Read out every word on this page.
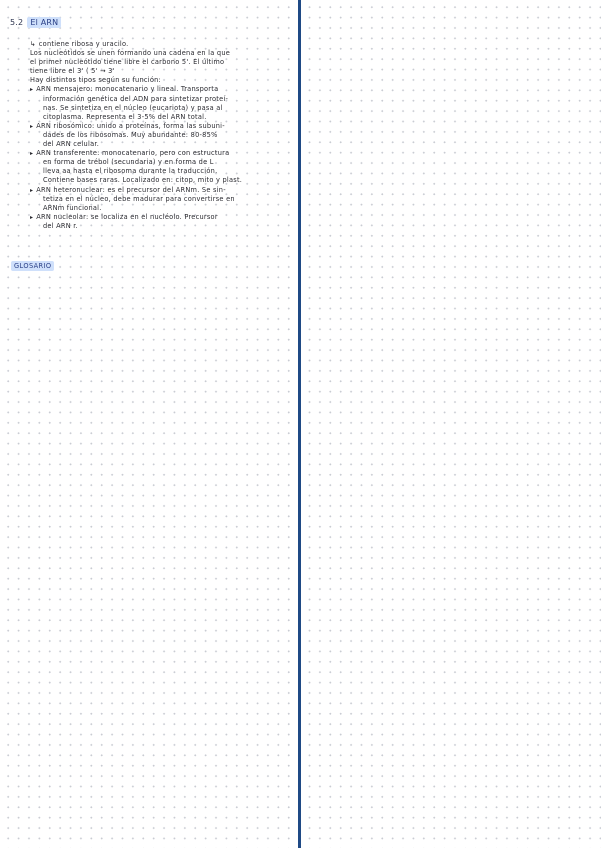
5.2 El ARN
↳ contiene ribosa y uracilo.
Los nucleótidos se unen formando una cadena en la que
el primer nucleótido tiene libre el carbono 5'. El último
tiene libre el 3' ( 5' → 3'
Hay distintos tipos según su función:
▸ ARN mensajero: monocatenario y lineal. Transporta
información genética del ADN para sintetizar proteí-
nas. Se sintetiza en el núcleo (eucariota) y pasa al
citoplasma. Representa el 3-5% del ARN total.
▸ ARN ribosómico: unido a proteínas, forma las subuni-
dades de los ribosomas. Muy abundante: 80-85%
del ARN celular.
▸ ARN transferente: monocatenario, pero con estructura
en forma de trébol (secundaria) y en forma de L
lleva aa hasta el ribosoma durante la traducción.
Contiene bases raras. Localizado en: citop, mito y plast.
▸ ARN heteronuclear: es el precursor del ARNm. Se sin-
tetiza en el núcleo, debe madurar para convertirse en
ARNm funcional.
▸ ARN nucleolar: se localiza en el nucléolo. Precursor
del ARN r.
GLOSARIO
